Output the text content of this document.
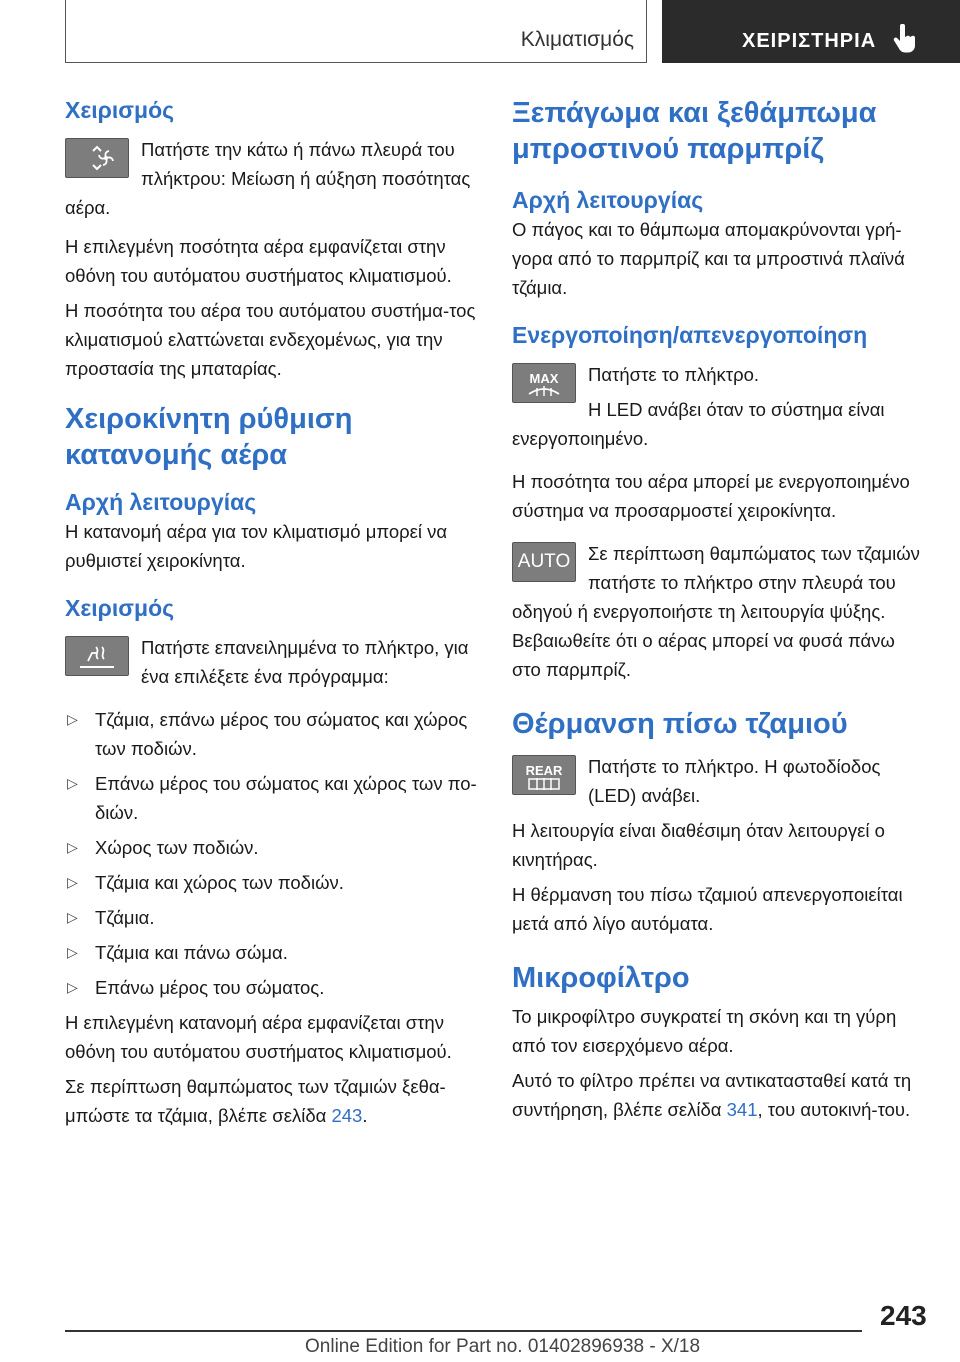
Κλιματισμός	ΧΕΙΡΙΣΤΗΡΙΑ
Χειρισμός

Πατήστε την κάτω ή πάνω πλευρά του πλήκτρου: Μείωση ή αύξηση ποσότητας αέρα.

Η επιλεγμένη ποσότητα αέρα εμφανίζεται στην οθόνη του αυτόματου συστήματος κλιματισμού.

Η ποσότητα του αέρα του αυτόματου συστήμα-τος κλιματισμού ελαττώνεται ενδεχομένως, για την προστασία της μπαταρίας.

Χειροκίνητη ρύθμιση κατανομής αέρα
Αρχή λειτουργίας

Η κατανομή αέρα για τον κλιματισμό μπορεί να ρυθμιστεί χειροκίνητα.

Χειρισμός

Πατήστε επανειλημμένα το πλήκτρο, για ένα επιλέξετε ένα πρόγραμμα:

▷ Τζάμια, επάνω μέρος του σώματος και χώρος των ποδιών.
▷ Επάνω μέρος του σώματος και χώρος των πο-διών.
▷ Χώρος των ποδιών.
▷ Τζάμια και χώρος των ποδιών.
▷ Τζάμια.
▷ Τζάμια και πάνω σώμα.
▷ Επάνω μέρος του σώματος.

Η επιλεγμένη κατανομή αέρα εμφανίζεται στην οθόνη του αυτόματου συστήματος κλιματισμού.

Σε περίπτωση θαμπώματος των τζαμιών ξεθα-μπώστε τα τζάμια, βλέπε σελίδα 243.

Ξεπάγωμα και ξεθάμπωμα μπροστινού παρμπρίζ
Αρχή λειτουργίας

Ο πάγος και το θάμπωμα απομακρύνονται γρή-γορα από το παρμπρίζ και τα μπροστινά πλαϊνά τζάμια.

Ενεργοποίηση/απενεργοποίηση
MAX	Πατήστε το πλήκτρο.

Η LED ανάβει όταν το σύστημα είναι ενεργοποιημένο.

Η ποσότητα του αέρα μπορεί με ενεργοποιημένο σύστημα να προσαρμοστεί χειροκίνητα.

AUTO Σε περίπτωση θαμπώματος των τζαμιών πατήστε το πλήκτρο στην πλευρά του οδηγού ή ενεργοποιήστε τη λειτουργία ψύξης. Βεβαιωθείτε ότι ο αέρας μπορεί να φυσά πάνω στο παρμπρίζ.

Θέρμανση πίσω τζαμιού
REAR	Πατήστε το πλήκτρο. Η φωτοδίοδος (LED) ανάβει.

Η λειτουργία είναι διαθέσιμη όταν λειτουργεί ο κινητήρας.

Η θέρμανση του πίσω τζαμιού απενεργοποιείται μετά από λίγο αυτόματα.

Μικροφίλτρο

Το μικροφίλτρο συγκρατεί τη σκόνη και τη γύρη από τον εισερχόμενο αέρα.

Αυτό το φίλτρο πρέπει να αντικατασταθεί κατά τη συντήρηση, βλέπε σελίδα 341, του αυτοκινή-του.

243
Online Edition for Part no. 01402896938 - X/18
